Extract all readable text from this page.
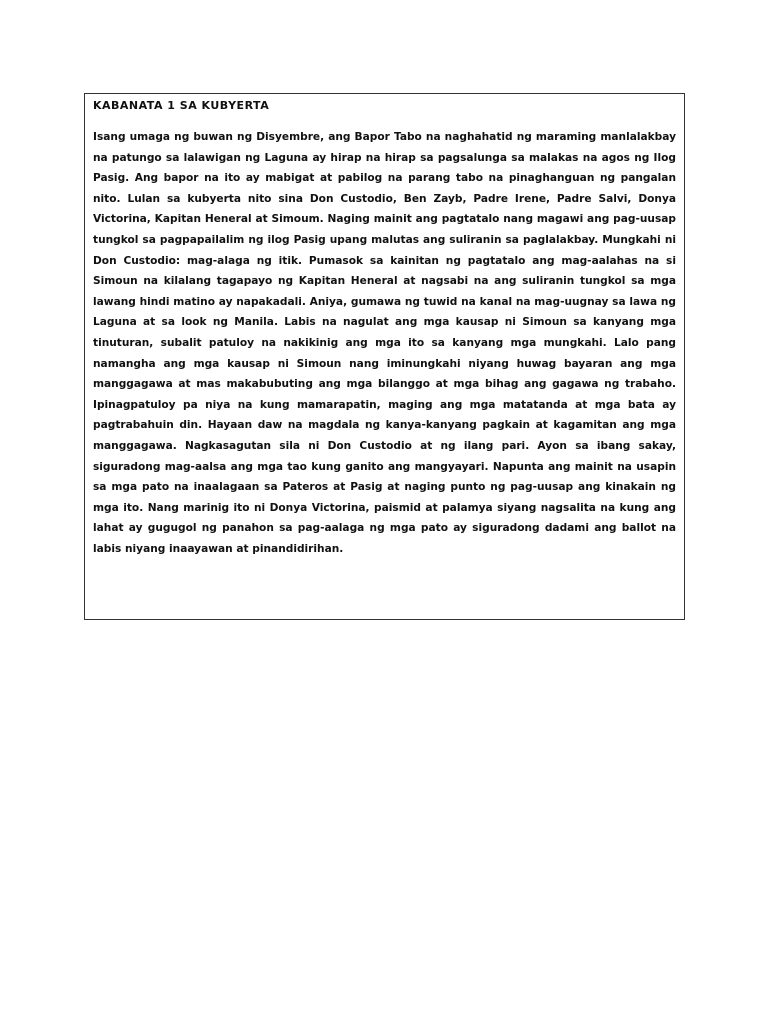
KABANATA 1 SA KUBYERTA

Isang umaga ng buwan ng Disyembre, ang Bapor Tabo na naghahatid ng maraming manlalakbay na patungo sa lalawigan ng Laguna ay hirap na hirap sa pagsalunga sa malakas na agos ng Ilog Pasig. Ang bapor na ito ay mabigat at pabilog na parang tabo na pinaghanguan ng pangalan nito. Lulan sa kubyerta nito sina Don Custodio, Ben Zayb, Padre Irene, Padre Salvi, Donya Victorina, Kapitan Heneral at Simoum. Naging mainit ang pagtatalo nang magawi ang pag-uusap tungkol sa pagpapailalim ng ilog Pasig upang malutas ang suliranin sa paglalakbay. Mungkahi ni Don Custodio: mag-alaga ng itik. Pumasok sa kainitan ng pagtatalo ang mag-aalahas na si Simoun na kilalang tagapayo ng Kapitan Heneral at nagsabi na ang suliranin tungkol sa mga lawang hindi matino ay napakadali. Aniya, gumawa ng tuwid na kanal na mag-uugnay sa lawa ng Laguna at sa look ng Manila. Labis na nagulat ang mga kausap ni Simoun sa kanyang mga tinuturan, subalit patuloy na nakikinig ang mga ito sa kanyang mga mungkahi. Lalo pang namangha ang mga kausap ni Simoun nang iminungkahi niyang huwag bayaran ang mga manggagawa at mas makabubuting ang mga bilanggo at mga bihag ang gagawa ng trabaho. Ipinagpatuloy pa niya na kung mamarapatin, maging ang mga matatanda at mga bata ay pagtrabahuin din. Hayaan daw na magdala ng kanya-kanyang pagkain at kagamitan ang mga manggagawa. Nagkasagutan sila ni Don Custodio at ng ilang pari. Ayon sa ibang sakay, siguradong mag-aalsa ang mga tao kung ganito ang mangyayari. Napunta ang mainit na usapin sa mga pato na inaalagaan sa Pateros at Pasig at naging punto ng pag-uusap ang kinakain ng mga ito. Nang marinig ito ni Donya Victorina, paismid at palamya siyang nagsalita na kung ang lahat ay gugugol ng panahon sa pag-aalaga ng mga pato ay siguradong dadami ang ballot na labis niyang inaayawan at pinandidirihan.
